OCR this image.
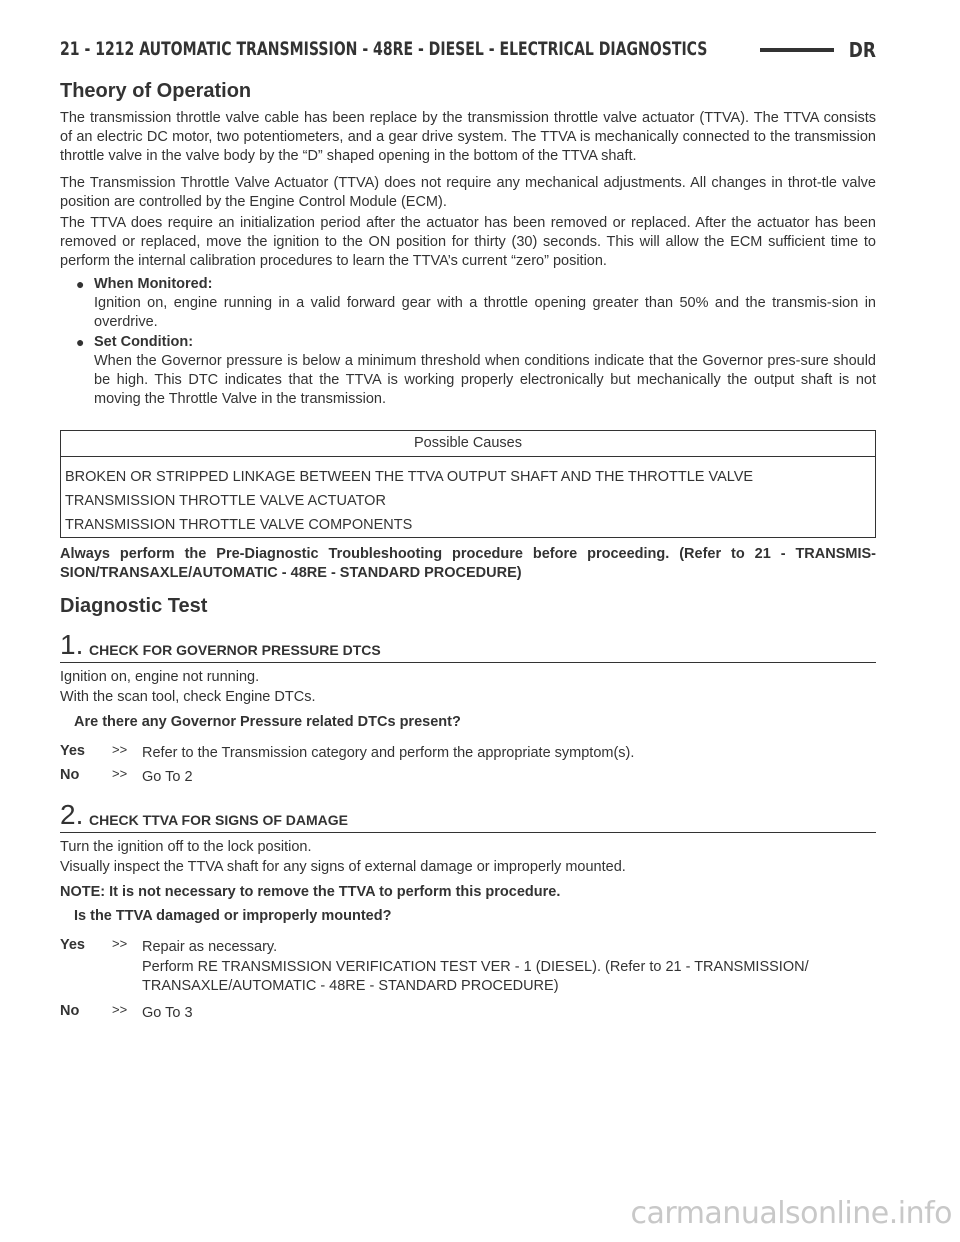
21 - 1212 AUTOMATIC TRANSMISSION - 48RE - DIESEL - ELECTRICAL DIAGNOSTICS	DR
Theory of Operation
The transmission throttle valve cable has been replace by the transmission throttle valve actuator (TTVA). The TTVA consists of an electric DC motor, two potentiometers, and a gear drive system. The TTVA is mechanically connected to the transmission throttle valve in the valve body by the “D” shaped opening in the bottom of the TTVA shaft.
The Transmission Throttle Valve Actuator (TTVA) does not require any mechanical adjustments. All changes in throt-tle valve position are controlled by the Engine Control Module (ECM).
The TTVA does require an initialization period after the actuator has been removed or replaced. After the actuator has been removed or replaced, move the ignition to the ON position for thirty (30) seconds. This will allow the ECM sufficient time to perform the internal calibration procedures to learn the TTVA’s current “zero” position.
● When Monitored:
Ignition on, engine running in a valid forward gear with a throttle opening greater than 50% and the transmis-sion in overdrive.
● Set Condition:
When the Governor pressure is below a minimum threshold when conditions indicate that the Governor pres-sure should be high. This DTC indicates that the TTVA is working properly electronically but mechanically the output shaft is not moving the Throttle Valve in the transmission.
Possible Causes
BROKEN OR STRIPPED LINKAGE BETWEEN THE TTVA OUTPUT SHAFT AND THE THROTTLE VALVE
TRANSMISSION THROTTLE VALVE ACTUATOR
TRANSMISSION THROTTLE VALVE COMPONENTS
Always perform the Pre-Diagnostic Troubleshooting procedure before proceeding. (Refer to 21 - TRANSMIS-SION/TRANSAXLE/AUTOMATIC - 48RE - STANDARD PROCEDURE)
Diagnostic Test
1. CHECK FOR GOVERNOR PRESSURE DTCS
Ignition on, engine not running.
With the scan tool, check Engine DTCs.
Are there any Governor Pressure related DTCs present?
Yes >> Refer to the Transmission category and perform the appropriate symptom(s).
No	>> Go To 2
2. CHECK TTVA FOR SIGNS OF DAMAGE
Turn the ignition off to the lock position.
Visually inspect the TTVA shaft for any signs of external damage or improperly mounted.
NOTE: It is not necessary to remove the TTVA to perform this procedure.
Is the TTVA damaged or improperly mounted?
Yes >> Repair as necessary.
Perform RE TRANSMISSION VERIFICATION TEST VER - 1 (DIESEL). (Refer to 21 - TRANSMISSION/ TRANSAXLE/AUTOMATIC - 48RE - STANDARD PROCEDURE)
No	>> Go To 3
carmanualsonline.info
